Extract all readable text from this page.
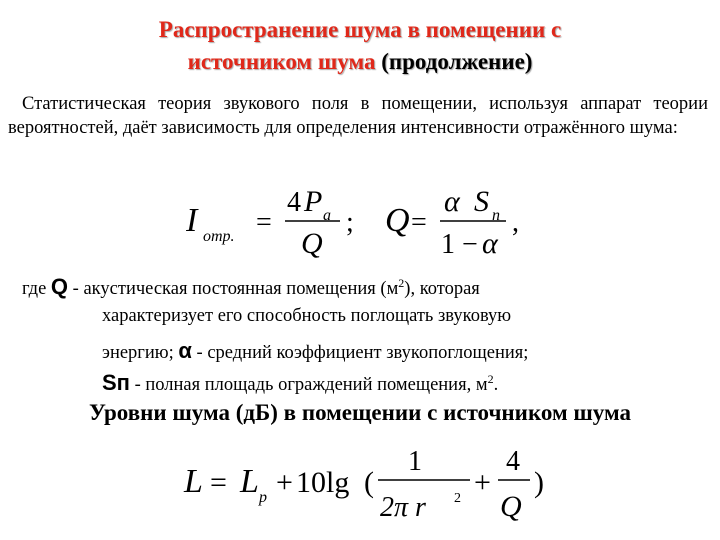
Распространение шума в помещении с
источником шума (продолжение)
Статистическая теория звукового поля в помещении, используя аппарат теории вероятностей, даёт зависимость для определения интенсивности отражённого шума:
I отр. =
4 P а
Q
; Q =
α S п
1 − α
,
где Q - акустическая постоянная помещения $(м^2)$, которая
характеризует его способность поглощать звуковую
энергию; α - средний коэффициент звукопоглощения;
Sп - полная площадь ограждений помещения, $м^2$.
Уровни шума (дБ) в помещении с источником шума
L = L p + 10lg (
1
2π r 2 +
4
Q
)
